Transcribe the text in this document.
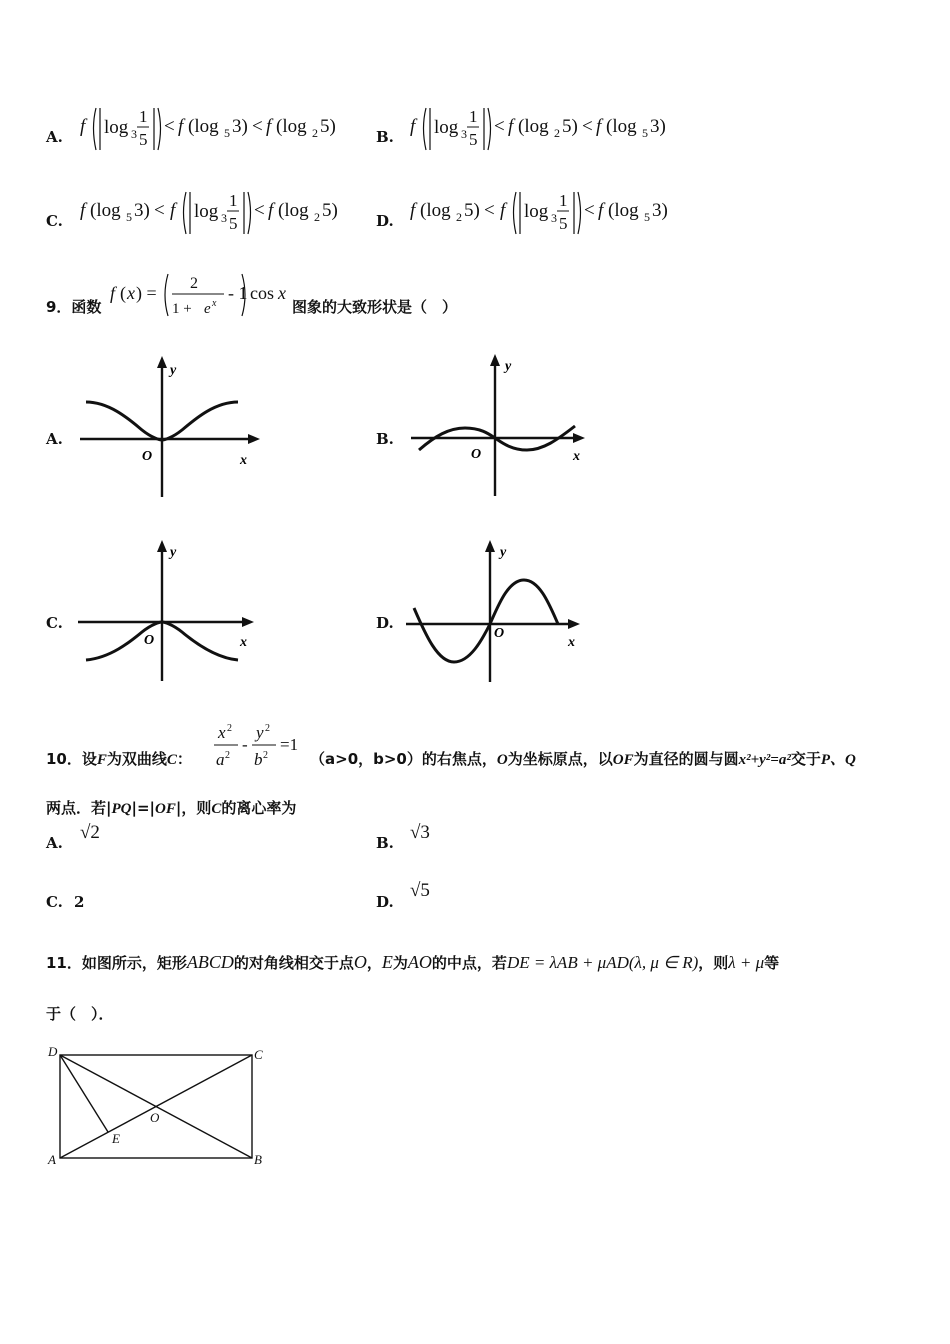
A. f log 3
1
5
< f (log 5 3) < f (log 2 5)	B. f log 3
1
5
< f (log 2 5) < f (log 5 3)
C. f (log 5 3) < f log 3
1
5
< f (log 2 5)	D. f (log 2 5) < f log 3
1
5
< f (log 5 3)
9．函数
f ( x ) = 2
1 + e x
- 1 cos x
图象的大致形状是（　）
A.
y
x
O
B.
y
x
O
C.
y
x
O
D.
y
x
O
10．设F为双曲线C：
x 2
a 2
-
y 2
b 2
=1
（a>0，b>0）的右焦点，O为坐标原点，以OF为直径的圆与圆x²+y²=a²交于P、Q
两点．若|PQ|=|OF|，则C的离心率为
A. √2	B. √3
C. 2	D.
√5
11．如图所示，矩形ABCD的对角线相交于点O，E为AO的中点，若DE = λAB + μAD(λ, μ ∈ R)，则λ + μ等
于（　）．
D	C
A	B
O
E
